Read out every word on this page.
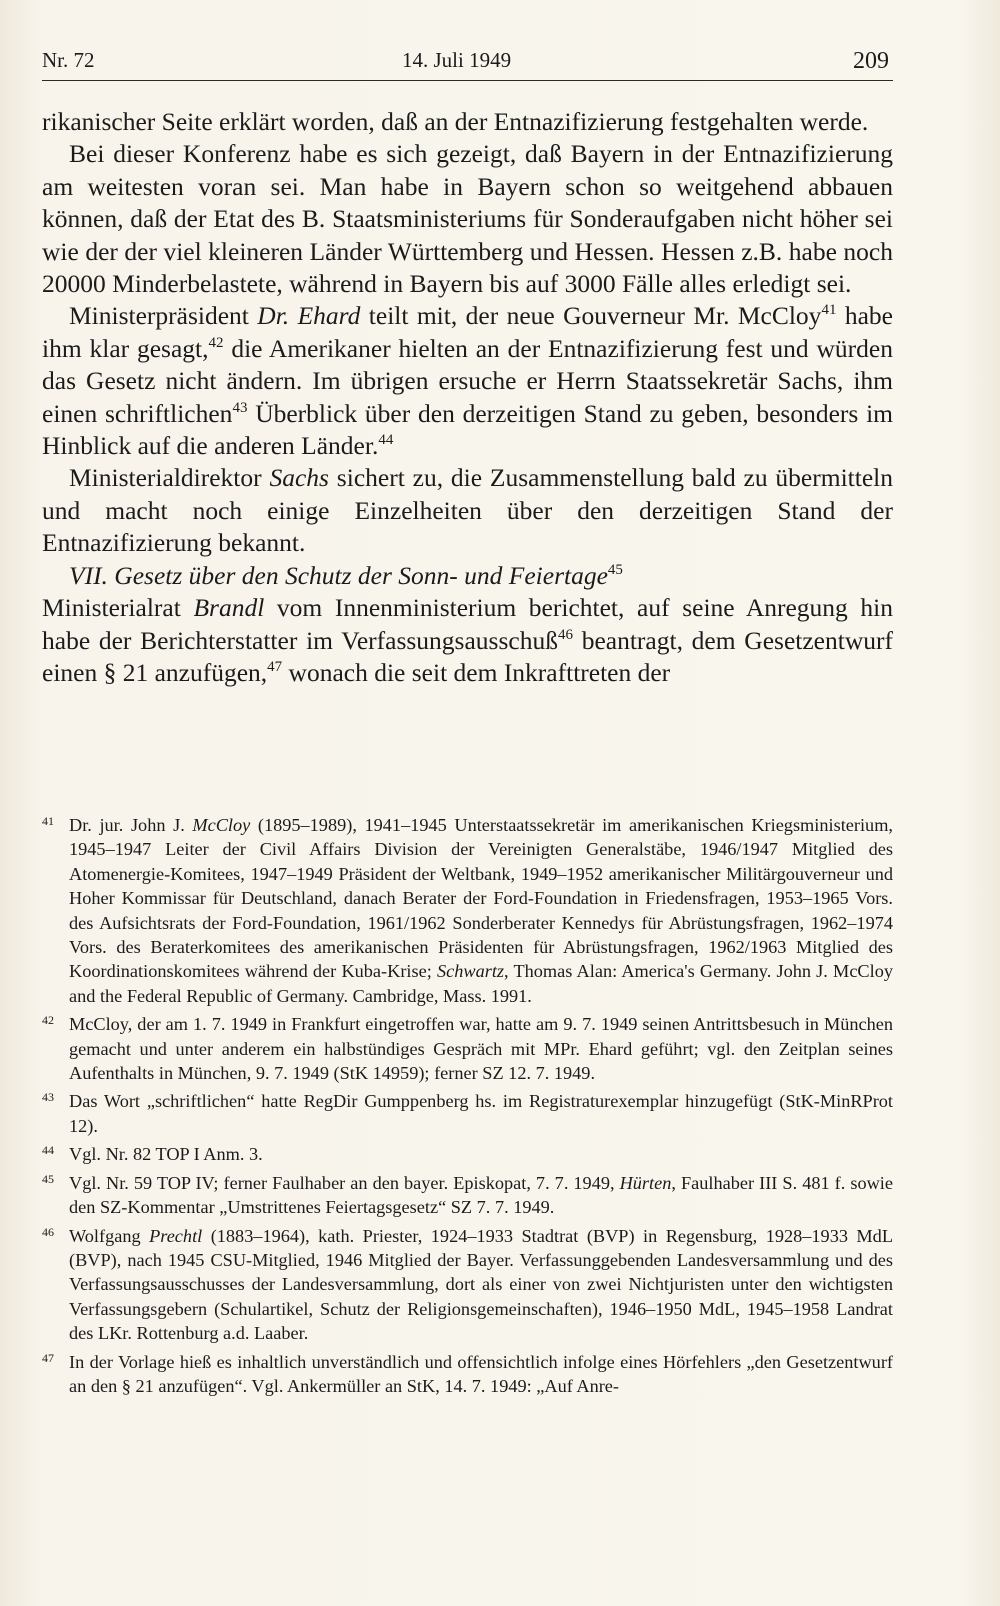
Nr. 72	14. Juli 1949	209

rikanischer Seite erklärt worden, daß an der Entnazifizierung festgehalten werde.

Bei dieser Konferenz habe es sich gezeigt, daß Bayern in der Entnazifizierung am weitesten voran sei. Man habe in Bayern schon so weitgehend abbauen können, daß der Etat des B. Staatsministeriums für Sonderaufgaben nicht höher sei wie der der viel kleineren Länder Württemberg und Hessen. Hessen z.B. habe noch 20000 Minderbelastete, während in Bayern bis auf 3000 Fälle alles erledigt sei.

Ministerpräsident Dr. Ehard teilt mit, der neue Gouverneur Mr. McCloy$^{41}$ habe ihm klar gesagt,$^{42}$ die Amerikaner hielten an der Entnazifizierung fest und würden das Gesetz nicht ändern. Im übrigen ersuche er Herrn Staatssekretär Sachs, ihm einen schriftlichen$^{43}$ Überblick über den derzeitigen Stand zu geben, besonders im Hinblick auf die anderen Länder.$^{44}$

Ministerialdirektor Sachs sichert zu, die Zusammenstellung bald zu übermitteln und macht noch einige Einzelheiten über den derzeitigen Stand der Entnazifizierung bekannt.

VII. Gesetz über den Schutz der Sonn- und Feiertage$^{45}$

Ministerialrat Brandl vom Innenministerium berichtet, auf seine Anregung hin habe der Berichterstatter im Verfassungsausschuß$^{46}$ beantragt, dem Gesetzentwurf einen § 21 anzufügen,$^{47}$ wonach die seit dem Inkrafttreten der

41 Dr. jur. John J. McCloy (1895–1989), 1941–1945 Unterstaatssekretär im amerikanischen Kriegsministerium, 1945–1947 Leiter der Civil Affairs Division der Vereinigten Generalstäbe, 1946/1947 Mitglied des Atomenergie-Komitees, 1947–1949 Präsident der Weltbank, 1949–1952 amerikanischer Militärgouverneur und Hoher Kommissar für Deutschland, danach Berater der Ford-Foundation in Friedensfragen, 1953–1965 Vors. des Aufsichtsrats der Ford-Foundation, 1961/1962 Sonderberater Kennedys für Abrüstungsfragen, 1962–1974 Vors. des Beraterkomitees des amerikanischen Präsidenten für Abrüstungsfragen, 1962/1963 Mitglied des Koordinationskomitees während der Kuba-Krise; Schwartz, Thomas Alan: America's Germany. John J. McCloy and the Federal Republic of Germany. Cambridge, Mass. 1991.
42 McCloy, der am 1. 7. 1949 in Frankfurt eingetroffen war, hatte am 9. 7. 1949 seinen Antrittsbesuch in München gemacht und unter anderem ein halbstündiges Gespräch mit MPr. Ehard geführt; vgl. den Zeitplan seines Aufenthalts in München, 9. 7. 1949 (StK 14959); ferner SZ 12. 7. 1949.
43 Das Wort „schriftlichen“ hatte RegDir Gumppenberg hs. im Registraturexemplar hinzugefügt (StK-MinRProt 12).
44 Vgl. Nr. 82 TOP I Anm. 3.
45 Vgl. Nr. 59 TOP IV; ferner Faulhaber an den bayer. Episkopat, 7. 7. 1949, Hürten, Faulhaber III S. 481 f. sowie den SZ-Kommentar „Umstrittenes Feiertagsgesetz“ SZ 7. 7. 1949.
46 Wolfgang Prechtl (1883–1964), kath. Priester, 1924–1933 Stadtrat (BVP) in Regensburg, 1928–1933 MdL (BVP), nach 1945 CSU-Mitglied, 1946 Mitglied der Bayer. Verfassunggebenden Landesversammlung und des Verfassungsausschusses der Landesversammlung, dort als einer von zwei Nichtjuristen unter den wichtigsten Verfassungsgebern (Schulartikel, Schutz der Religionsgemeinschaften), 1946–1950 MdL, 1945–1958 Landrat des LKr. Rottenburg a.d. Laaber.
47 In der Vorlage hieß es inhaltlich unverständlich und offensichtlich infolge eines Hörfehlers „den Gesetzentwurf an den § 21 anzufügen“. Vgl. Ankermüller an StK, 14. 7. 1949: „Auf Anre-
